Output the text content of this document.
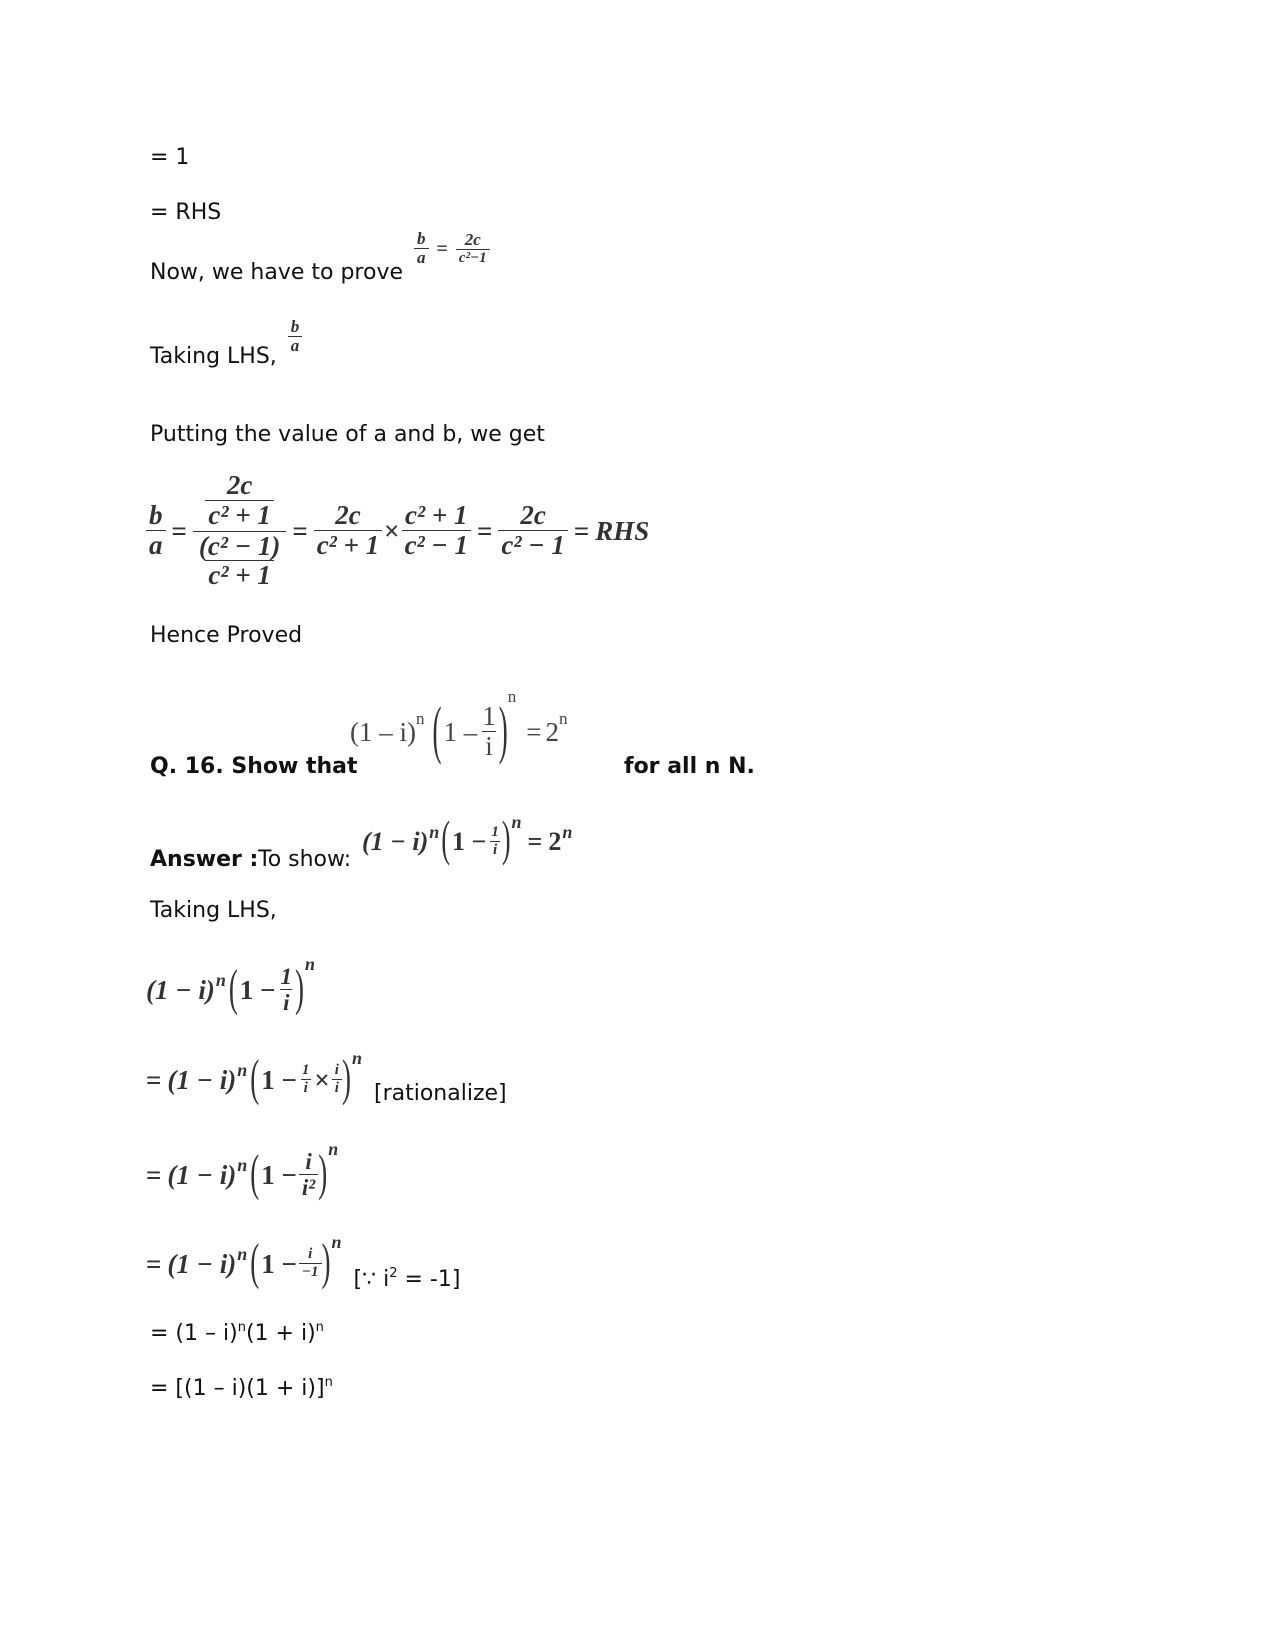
= 1
= RHS
Now, we have to prove
$\frac{b}{a} = \frac{2c}{\text{c²−1}}$
Taking LHS,
$\frac{b}{a}$
Putting the value of a and b, we get
$\frac{b}{a} = \frac{\frac{2c}{\text{c² + 1}}}{\frac{\text{(c² − 1)}}{\text{c² + 1}}} = \frac{2c}{\text{c² + 1}} \times \frac{\text{c² + 1}}{\text{c² − 1}} = \frac{2c}{\text{c² − 1}}$ = RHS
Hence Proved
Q. 16. Show that
(1 – i) n ( $1 - \frac{1}{i}$ ) n
= 2 n
for all n N.
Answer : To show:
(1 − i) n ( $1 - \frac{1}{i}$ ) n
= 2 n
Taking LHS,
(1 − i) n ( $1 - \frac{1}{i}$ ) n
= (1 − i) n ( $1 - \frac{1}{i} \times \frac{i}{i}$ ) n
[rationalize]
= (1 − i) n ( $1 - \frac{i}{\text{i²}}$ ) n
= (1 − i) n ( $1 - \frac{i}{-1}$ ) n
[∵ $i^2 = -1$]
= $(1 - i)^n(1 + i)^n$
= $[(1 - i)(1 + i)]^n$
